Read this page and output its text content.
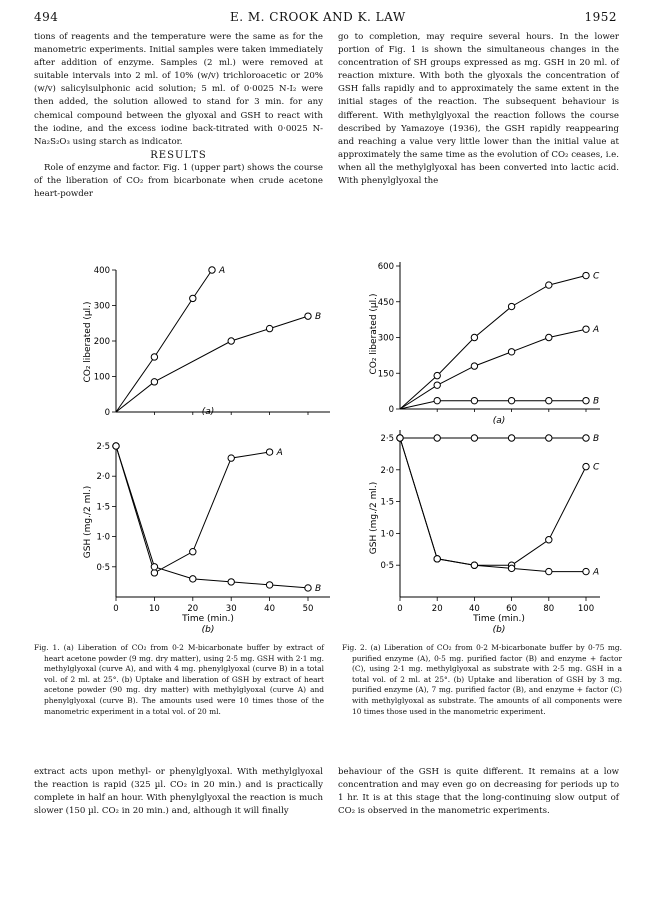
494	E. M. CROOK AND K. LAW	1952

tions of reagents and the temperature were the same as for the manometric experiments. Initial samples were taken immediately after addition of enzyme. Samples (2 ml.) were removed at suitable intervals into 2 ml. of 10% (w/v) trichloroacetic or 20% (w/v) salicylsulphonic acid solution; 5 ml. of 0·0025 N-I₂ were then added, the solution allowed to stand for 3 min. for any chemical compound between the glyoxal and GSH to react with the iodine, and the excess iodine back-titrated with 0·0025 N-Na₂S₂O₃ using starch as indicator.

RESULTS

Role of enzyme and factor. Fig. 1 (upper part) shows the course of the liberation of CO₂ from bicarbonate when crude acetone heart-powder

go to completion, may require several hours. In the lower portion of Fig. 1 is shown the simultaneous changes in the concentration of SH groups expressed as mg. GSH in 20 ml. of reaction mixture. With both the glyoxals the concentration of GSH falls rapidly and to approximately the same extent in the initial stages of the reaction. The subsequent behaviour is different. With methylglyoxal the reaction follows the course described by Yamazoye (1936), the GSH rapidly reappearing and reaching a value very little lower than the initial value at approximately the same time as the evolution of CO₂ ceases, i.e. when all the methylglyoxal has been converted into lactic acid. With phenylglyoxal the

0
100
200
300
400
CO₂ liberated (µl.)
(a)
A
B
0·5
1·0
1·5
2·0
2·5
0	10	20	30	40	50
GSH (mg./2 ml.)
Time (min.)
(b)
A
B
0
150
300
450
600
CO₂ liberated (µl.)
(a)
C
A
B
0·5
1·0
1·5
2·0
2·5
0	20	40	60	80	100
GSH (mg./2 ml.)
Time (min.)
(b)
B
C
A

Fig. 1. (a) Liberation of CO₂ from 0·2 M-bicarbonate buffer by extract of heart acetone powder (9 mg. dry matter), using 2·5 mg. GSH with 2·1 mg. methylglyoxal (curve A), and with 4 mg. phenylglyoxal (curve B) in a total vol. of 2 ml. at 25°. (b) Uptake and liberation of GSH by extract of heart acetone powder (90 mg. dry matter) with methylglyoxal (curve A) and phenylglyoxal (curve B). The amounts used were 10 times those of the manometric experiment in a total vol. of 20 ml.

Fig. 2. (a) Liberation of CO₂ from 0·2 M-bicarbonate buffer by 0·75 mg. purified enzyme (A), 0·5 mg. purified factor (B) and enzyme + factor (C), using 2·1 mg. methylglyoxal as substrate with 2·5 mg. GSH in a total vol. of 2 ml. at 25°. (b) Uptake and liberation of GSH by 3 mg. purified enzyme (A), 7 mg. purified factor (B), and enzyme + factor (C) with methylglyoxal as substrate. The amounts of all components were 10 times those used in the manometric experiment.

extract acts upon methyl- or phenylglyoxal. With methylglyoxal the reaction is rapid (325 µl. CO₂ in 20 min.) and is practically complete in half an hour. With phenylglyoxal the reaction is much slower (150 µl. CO₂ in 20 min.) and, although it will finally

behaviour of the GSH is quite different. It remains at a low concentration and may even go on decreasing for periods up to 1 hr. It is at this stage that the long-continuing slow output of CO₂ is observed in the manometric experiments.
